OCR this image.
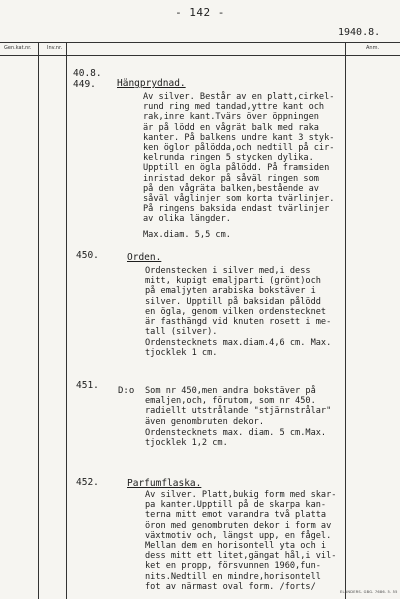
- 142 -
1940.8.
Gen.kat.nr.	Inv.nr.	Anm.
40.8.
449.	Hängprydnad.
Av silver. Består av en platt,cirkel-
rund ring med tandad,yttre kant och
rak,inre kant.Tvärs över öppningen
är på lödd en vågrät balk med raka
kanter. På balkens undre kant 3 styk-
ken öglor pålödda,och nedtill på cir-
kelrunda ringen 5 stycken dylika.
Upptill en ögla pålödd. På framsiden
inristad dekor på såväl ringen som
på den vågräta balken,bestående av
såväl våglinjer som korta tvärlinjer.
På ringens baksida endast tvärlinjer
av olika längder.
Max.diam. 5,5 cm.
450.	Orden.
Ordenstecken i silver med,i dess
mitt, kupigt emaljparti (grönt)och
på emaljyten arabiska bokstäver i
silver. Upptill på baksidan pålödd
en ögla, genom vilken ordenstecknet
är fasthängd vid knuten rosett i me-
tall (silver).
Ordenstecknets max.diam.4,6 cm. Max.
tjocklek 1 cm.
451. D:o Som nr 450,men andra bokstäver på
emaljen,och, förutom, som nr 450.
radiellt utstrålande "stjärnstrålar"
även genombruten dekor.
Ordenstecknets max. diam. 5 cm.Max.
tjocklek 1,2 cm.
452.	Parfumflaska.
Av silver. Platt,bukig form med skar-
pa kanter.Upptill på de skarpa kan-
terna mitt emot varandra två platta
öron med genombruten dekor i form av
växtmotiv och, längst upp, en fågel.
Mellan dem en horisontell yta och i
dess mitt ett litet,gängat hål,i vil-
ket en propp, försvunnen 1960,fun-
nits.Nedtill en mindre,horisontell
fot av närmast oval form. /forts/
ELANDERS. GBG. 7686. 5. 55
